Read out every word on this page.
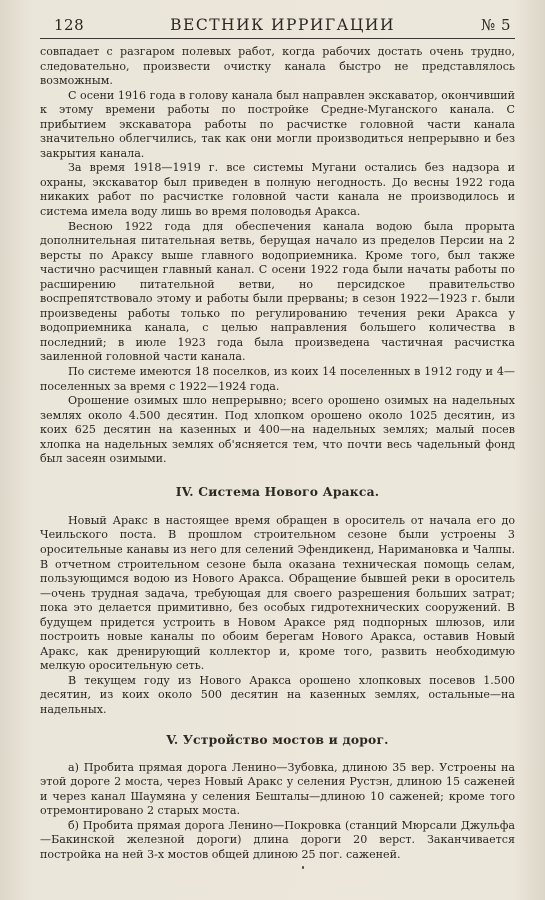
128	ВЕСТНИК ИРРИГАЦИИ	№ 5

совпадает с разгаром полевых работ, когда рабочих достать очень трудно, следовательно, произвести очистку канала быстро не представлялось возможным.

С осени 1916 года в голову канала был направлен экскаватор, окончивший к этому времени работы по постройке Средне-Муганского канала. С прибытием экскаватора работы по расчистке головной части канала значительно облегчились, так как они могли производиться непрерывно и без закрытия канала.

За время 1918—1919 г. все системы Мугани остались без надзора и охраны, экскаватор был приведен в полную негодность. До весны 1922 года никаких работ по расчистке головной части канала не производилось и система имела воду лишь во время половодья Аракса.

Весною 1922 года для обеспечения канала водою была прорыта дополнительная питательная ветвь, берущая начало из пределов Персии на 2 версты по Араксу выше главного водоприемника. Кроме того, был также частично расчищен главный канал. С осени 1922 года были начаты работы по расширению питательной ветви, но персидское правительство воспрепятствовало этому и работы были прерваны; в сезон 1922—1923 г. были произведены работы только по регулированию течения реки Аракса у водоприемника канала, с целью направления большего количества в последний; в июле 1923 года была произведена частичная расчистка заиленной головной части канала.

По системе имеются 18 поселков, из коих 14 поселенных в 1912 году и 4—поселенных за время с 1922—1924 года.

Орошение озимых шло непрерывно; всего орошено озимых на надельных землях около 4.500 десятин. Под хлопком орошено около 1025 десятин, из коих 625 десятин на казенных и 400—на надельных землях; малый посев хлопка на надельных землях об'ясняется тем, что почти весь чадельный фонд был засеян озимыми.

IV. Система Нового Аракса.

Новый Аракс в настоящее время обращен в ороситель от начала его до Чеильского поста. В прошлом строительном сезоне были устроены 3 оросительные канавы из него для селений Эфендикенд, Наримановка и Чалпы. В отчетном строительном сезоне была оказана техническая помощь селам, пользующимся водою из Нового Аракса. Обращение бывшей реки в ороситель—очень трудная задача, требующая для своего разрешения больших затрат; пока это делается примитивно, без особых гидротехнических сооружений. В будущем придется устроить в Новом Араксе ряд подпорных шлюзов, или построить новые каналы по обоим берегам Нового Аракса, оставив Новый Аракс, как дренирующий коллектор и, кроме того, развить необходимую мелкую оросительную сеть.

В текущем году из Нового Аракса орошено хлопковых посевов 1.500 десятин, из коих около 500 десятин на казенных землях, остальные—на надельных.

V. Устройство мостов и дорог.

а) Пробита прямая дорога Ленино—Зубовка, длиною 35 вер. Устроены на этой дороге 2 моста, через Новый Аракс у селения Рустэн, длиною 15 саженей и через канал Шаумяна у селения Бешталы—длиною 10 саженей; кроме того отремонтировано 2 старых моста.

б) Пробита прямая дорога Ленино—Покровка (станций Мюрсали Джульфа—Бакинской железной дороги) длина дороги 20 верст. Заканчивается постройка на ней 3-х мостов общей длиною 25 пог. саженей.
